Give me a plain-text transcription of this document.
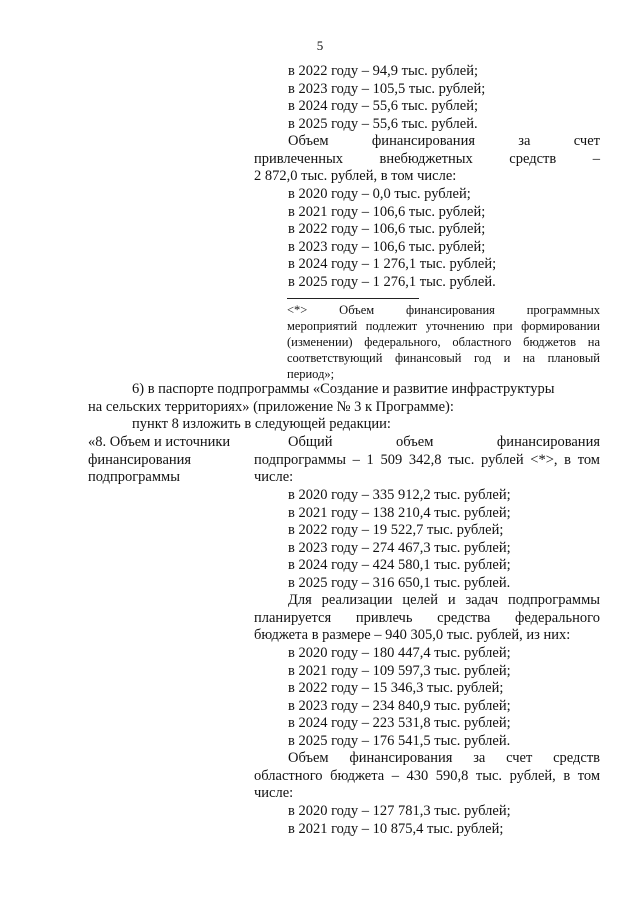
5
в 2022 году – 94,9 тыс. рублей;
в 2023 году – 105,5 тыс. рублей;
в 2024 году – 55,6 тыс. рублей;
в 2025 году – 55,6 тыс. рублей.
Объем финансирования за счет
привлеченных внебюджетных средств –
2 872,0 тыс. рублей, в том числе:
в 2020 году – 0,0 тыс. рублей;
в 2021 году – 106,6 тыс. рублей;
в 2022 году – 106,6 тыс. рублей;
в 2023 году – 106,6 тыс. рублей;
в 2024 году – 1 276,1 тыс. рублей;
в 2025 году – 1 276,1 тыс. рублей.
<*> Объем финансирования программных
мероприятий подлежит уточнению при формировании
(изменении) федерального, областного бюджетов на
соответствующий финансовый год и на плановый
период»;
6) в паспорте подпрограммы «Создание и развитие инфраструктуры
на сельских территориях» (приложение № 3 к Программе):
пункт 8 изложить в следующей редакции:
«8. Объем и источники
финансирования
подпрограммы
Общий объем финансирования
подпрограммы – 1 509 342,8 тыс. рублей <*>, в том
числе:
в 2020 году – 335 912,2 тыс. рублей;
в 2021 году – 138 210,4 тыс. рублей;
в 2022 году – 19 522,7 тыс. рублей;
в 2023 году – 274 467,3 тыс. рублей;
в 2024 году – 424 580,1 тыс. рублей;
в 2025 году – 316 650,1 тыс. рублей.
Для реализации целей и задач подпрограммы
планируется привлечь средства федерального
бюджета в размере – 940 305,0 тыс. рублей, из них:
в 2020 году – 180 447,4 тыс. рублей;
в 2021 году – 109 597,3 тыс. рублей;
в 2022 году – 15 346,3 тыс. рублей;
в 2023 году – 234 840,9 тыс. рублей;
в 2024 году – 223 531,8 тыс. рублей;
в 2025 году – 176 541,5 тыс. рублей.
Объем финансирования за счет средств
областного бюджета – 430 590,8 тыс. рублей, в том
числе:
в 2020 году – 127 781,3 тыс. рублей;
в 2021 году – 10 875,4 тыс. рублей;
